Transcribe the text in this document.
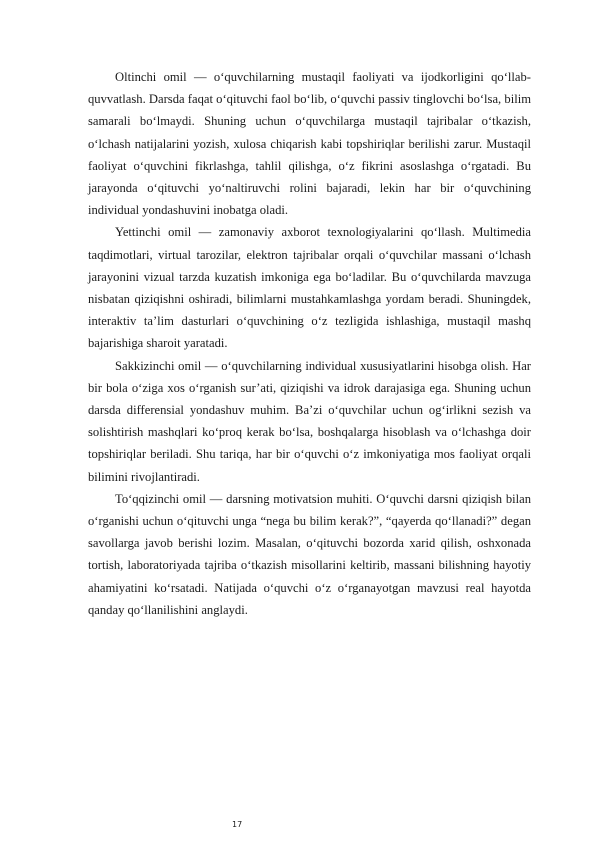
Oltinchi omil — o‘quvchilarning mustaqil faoliyati va ijodkorligini qo‘llab-quvvatlash. Darsda faqat o‘qituvchi faol bo‘lib, o‘quvchi passiv tinglovchi bo‘lsa, bilim samarali bo‘lmaydi. Shuning uchun o‘quvchilarga mustaqil tajribalar o‘tkazish, o‘lchash natijalarini yozish, xulosa chiqarish kabi topshiriqlar berilishi zarur. Mustaqil faoliyat o‘quvchini fikrlashga, tahlil qilishga, o‘z fikrini asoslashga o‘rgatadi. Bu jarayonda o‘qituvchi yo‘naltiruvchi rolini bajaradi, lekin har bir o‘quvchining individual yondashuvini inobatga oladi.

Yettinchi omil — zamonaviy axborot texnologiyalarini qo‘llash. Multimedia taqdimotlari, virtual tarozilar, elektron tajribalar orqali o‘quvchilar massani o‘lchash jarayonini vizual tarzda kuzatish imkoniga ega bo‘ladilar. Bu o‘quvchilarda mavzuga nisbatan qiziqishni oshiradi, bilimlarni mustahkamlashga yordam beradi. Shuningdek, interaktiv ta’lim dasturlari o‘quvchining o‘z tezligida ishlashiga, mustaqil mashq bajarishiga sharoit yaratadi.

Sakkizinchi omil — o‘quvchilarning individual xususiyatlarini hisobga olish. Har bir bola o‘ziga xos o‘rganish sur’ati, qiziqishi va idrok darajasiga ega. Shuning uchun darsda differensial yondashuv muhim. Ba’zi o‘quvchilar uchun og‘irlikni sezish va solishtirish mashqlari ko‘proq kerak bo‘lsa, boshqalarga hisoblash va o‘lchashga doir topshiriqlar beriladi. Shu tariqa, har bir o‘quvchi o‘z imkoniyatiga mos faoliyat orqali bilimini rivojlantiradi.

To‘qqizinchi omil — darsning motivatsion muhiti. O‘quvchi darsni qiziqish bilan o‘rganishi uchun o‘qituvchi unga “nega bu bilim kerak?”, “qayerda qo‘llanadi?” degan savollarga javob berishi lozim. Masalan, o‘qituvchi bozorda xarid qilish, oshxonada tortish, laboratoriyada tajriba o‘tkazish misollarini keltirib, massani bilishning hayotiy ahamiyatini ko‘rsatadi. Natijada o‘quvchi o‘z o‘rganayotgan mavzusi real hayotda qanday qo‘llanilishini anglaydi.

17
